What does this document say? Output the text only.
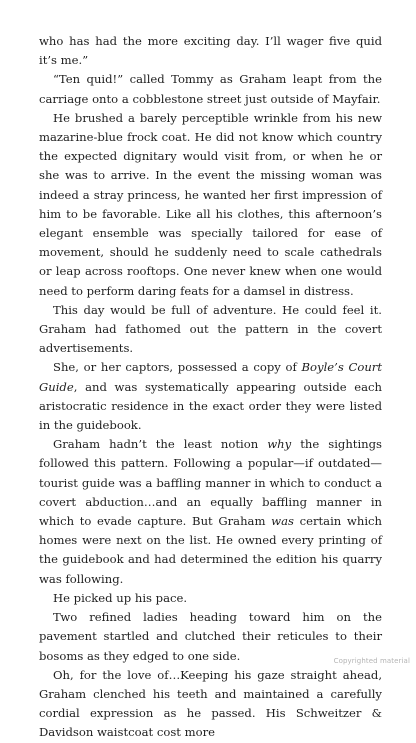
who has had the more exciting day. I’ll wager five quid it’s me.”

“Ten quid!” called Tommy as Graham leapt from the carriage onto a cobblestone street just outside of Mayfair.

He brushed a barely perceptible wrinkle from his new mazarine-blue frock coat. He did not know which country the expected dignitary would visit from, or when he or she was to arrive. In the event the missing woman was indeed a stray princess, he wanted her first impression of him to be favorable. Like all his clothes, this afternoon’s elegant ensemble was specially tailored for ease of movement, should he suddenly need to scale cathedrals or leap across rooftops. One never knew when one would need to perform daring feats for a damsel in distress.

This day would be full of adventure. He could feel it. Graham had fathomed out the pattern in the covert advertisements.

She, or her captors, possessed a copy of Boyle’s Court Guide, and was systematically appearing outside each aristocratic residence in the exact order they were listed in the guidebook.

Graham hadn’t the least notion why the sightings followed this pattern. Following a popular—if outdated—tourist guide was a baffling manner in which to conduct a covert abduction…and an equally baffling manner in which to evade capture. But Graham was certain which homes were next on the list. He owned every printing of the guidebook and had determined the edition his quarry was following.

He picked up his pace.

Two refined ladies heading toward him on the pavement startled and clutched their reticules to their bosoms as they edged to one side.

Oh, for the love of…Keeping his gaze straight ahead, Graham clenched his teeth and maintained a carefully cordial expression as he passed. His Schweitzer & Davidson waistcoat cost more

Copyrighted material
